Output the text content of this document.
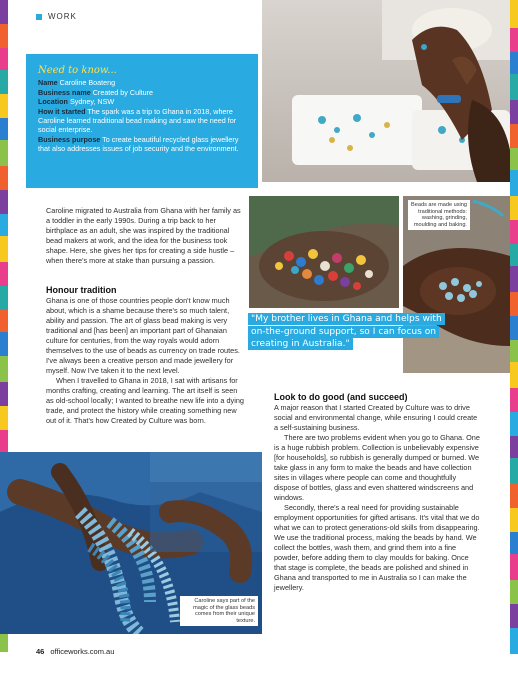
WORK
Need to know...

Name Caroline Boateng

Business name Created by Culture

Location Sydney, NSW

How it started The spark was a trip to Ghana in 2018, where Caroline learned traditional bead making and saw the need for social enterprise.

Business purpose To create beautiful recycled glass jewellery that also addresses issues of job security and the environment.

Caroline migrated to Australia from Ghana with her family as a toddler in the early 1990s. During a trip back to her birthplace as an adult, she was inspired by the traditional bead makers at work, and the idea for the business took shape. Here, she gives her tips for creating a side hustle – when there's more at stake than pursuing a passion.

Honour tradition

Ghana is one of those countries people don't know much about, which is a shame because there's so much talent, ability and passion. The art of glass bead making is very traditional and [has been] an important part of Ghanaian culture for centuries, from the way royals would adorn themselves to the use of beads as currency on trade routes. I've always been a creative person and made jewellery for myself. Now I've taken it to the next level.

When I travelled to Ghana in 2018, I sat with artisans for months crafting, creating and learning. The art itself is seen as old-school locally; I wanted to breathe new life into a dying trade, and protect the history while creating something new out of it. That's how Created by Culture was born.

Beads are made using traditional methods: washing, grinding, moulding and baking.
"My brother lives in Ghana and helps with on-the-ground support, so I can focus on creating in Australia."
Look to do good (and succeed)

A major reason that I started Created by Culture was to drive social and environmental change, while ensuring I could create a self-sustaining business.

There are two problems evident when you go to Ghana. One is a huge rubbish problem. Collection is unbelievably expensive [for households], so rubbish is generally dumped or burned. We take glass in any form to make the beads and have collection sites in villages where people can come and thoughtfully dispose of bottles, glass and even shattered windscreens and windows.

Secondly, there's a real need for providing sustainable employment opportunities for gifted artisans. It's vital that we do what we can to protect generations-old skills from disappearing. We use the traditional process, making the beads by hand. We collect the bottles, wash them, and grind them into a fine powder, before adding them to clay moulds for baking. Once that stage is complete, the beads are polished and shined in Ghana and transported to me in Australia so I can make the jewellery.

Caroline says part of the magic of the glass beads comes from their unique texture.
46 officeworks.com.au
